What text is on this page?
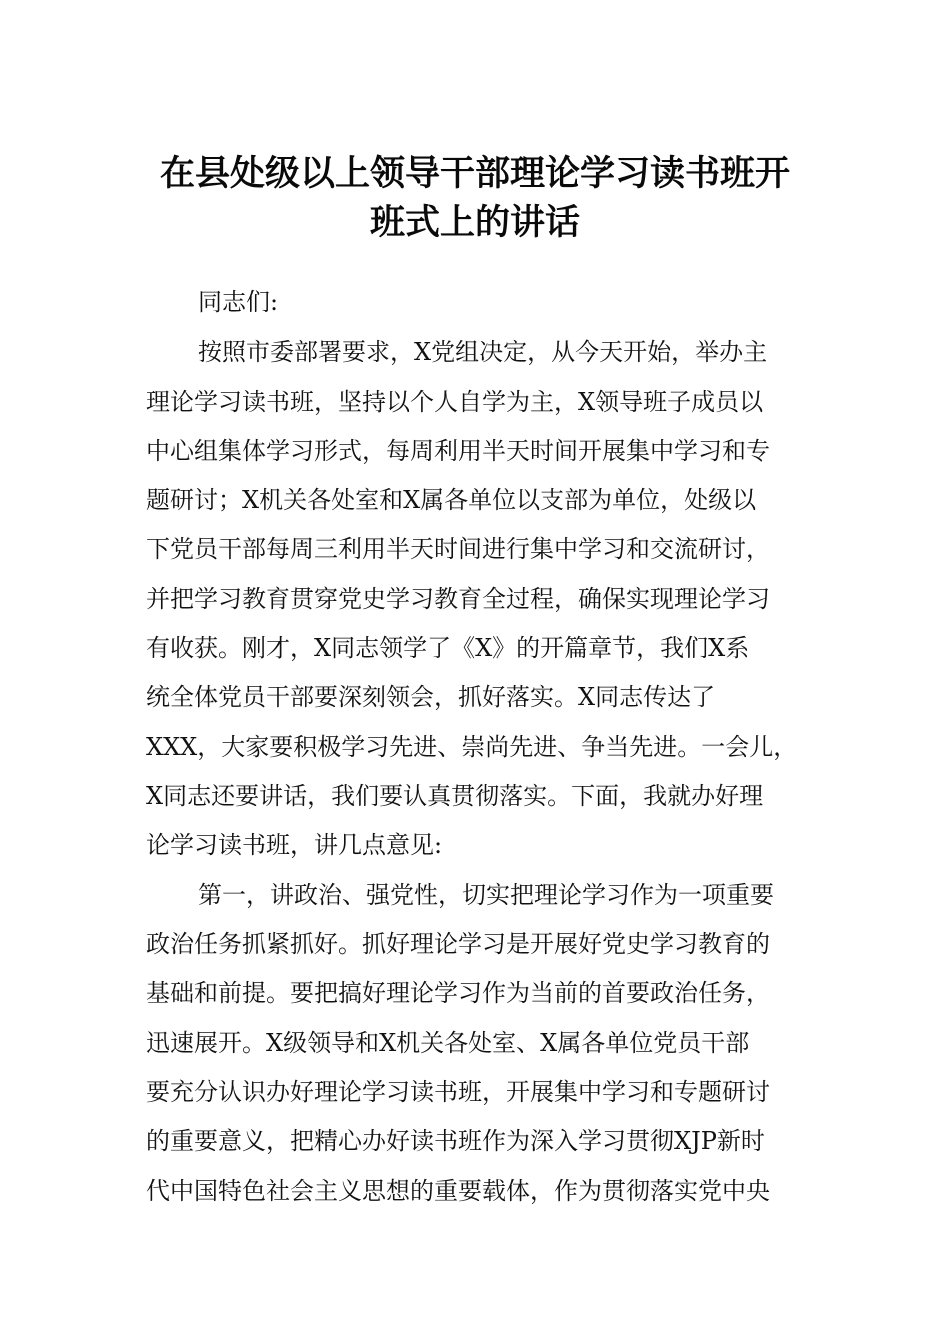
在县处级以上领导干部理论学习读书班开
班式上的讲话
同志们:
按照市委部署要求，X党组决定，从今天开始，举办主
理论学习读书班，坚持以个人自学为主，X领导班子成员以
中心组集体学习形式，每周利用半天时间开展集中学习和专
题研讨；X机关各处室和X属各单位以支部为单位，处级以
下党员干部每周三利用半天时间进行集中学习和交流研讨，
并把学习教育贯穿党史学习教育全过程，确保实现理论学习
有收获。刚才，X同志领学了《X》的开篇章节，我们X系
统全体党员干部要深刻领会，抓好落实。X同志传达了
XXX，大家要积极学习先进、崇尚先进、争当先进。一会儿，
X同志还要讲话，我们要认真贯彻落实。下面，我就办好理
论学习读书班，讲几点意见:
第一，讲政治、强党性，切实把理论学习作为一项重要
政治任务抓紧抓好。抓好理论学习是开展好党史学习教育的
基础和前提。要把搞好理论学习作为当前的首要政治任务，
迅速展开。X级领导和X机关各处室、X属各单位党员干部
要充分认识办好理论学习读书班，开展集中学习和专题研讨
的重要意义，把精心办好读书班作为深入学习贯彻XJP新时
代中国特色社会主义思想的重要载体，作为贯彻落实党中央
